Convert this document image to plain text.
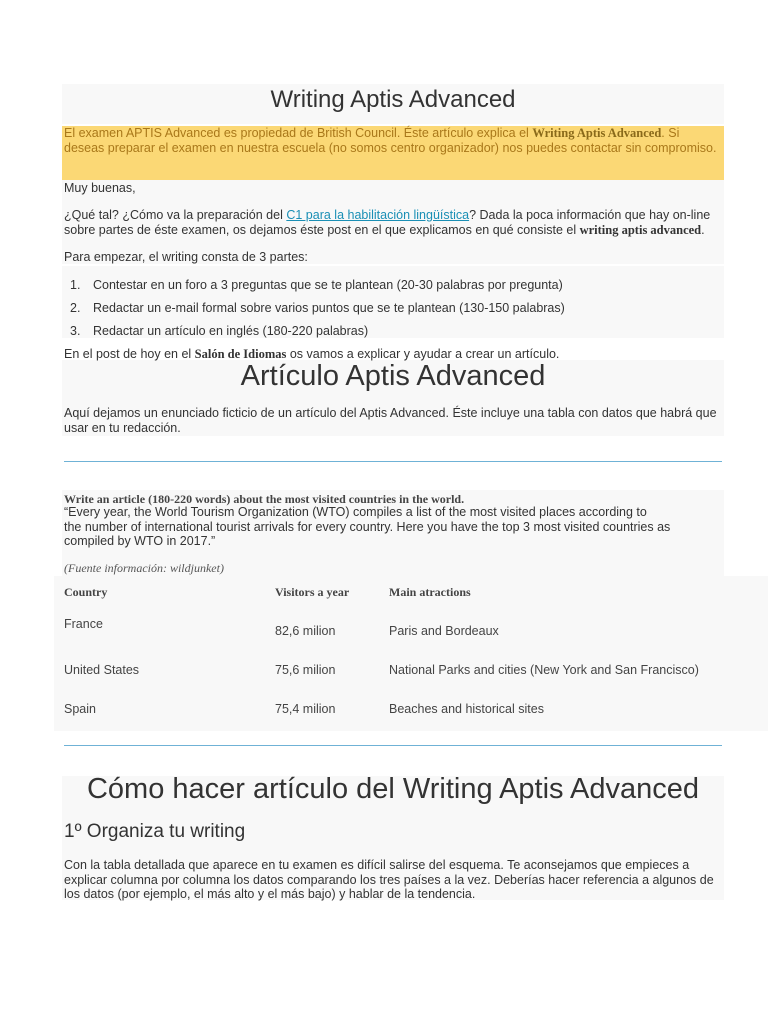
Writing Aptis Advanced
El examen APTIS Advanced es propiedad de British Council. Éste artículo explica el Writing Aptis Advanced. Si deseas preparar el examen en nuestra escuela (no somos centro organizador) nos puedes contactar sin compromiso.
Muy buenas,
¿Qué tal? ¿Cómo va la preparación del C1 para la habilitación lingüística? Dada la poca información que hay on-line sobre partes de éste examen, os dejamos éste post en el que explicamos en qué consiste el writing aptis advanced.
Para empezar, el writing consta de 3 partes:
1. Contestar en un foro a 3 preguntas que se te plantean (20-30 palabras por pregunta)
2. Redactar un e-mail formal sobre varios puntos que se te plantean (130-150 palabras)
3. Redactar un artículo en inglés (180-220 palabras)
En el post de hoy en el Salón de Idiomas os vamos a explicar y ayudar a crear un artículo.
Artículo Aptis Advanced
Aquí dejamos un enunciado ficticio de un artículo del Aptis Advanced. Éste incluye una tabla con datos que habrá que usar en tu redacción.
Write an article (180-220 words) about the most visited countries in the world.
“Every year, the World Tourism Organization (WTO) compiles a list of the most visited places according to
the number of international tourist arrivals for every country. Here you have the top 3 most visited countries as
compiled by WTO in 2017.”
(Fuente información: wildjunket)
Country	Visitors a year	Main atractions
France	82,6 milion	Paris and Bordeaux
United States	75,6 milion	National Parks and cities (New York and San Francisco)
Spain	75,4 milion	Beaches and historical sites
Cómo hacer artículo del Writing Aptis Advanced
1º Organiza tu writing
Con la tabla detallada que aparece en tu examen es difícil salirse del esquema. Te aconsejamos que empieces a explicar columna por columna los datos comparando los tres países a la vez. Deberías hacer referencia a algunos de los datos (por ejemplo, el más alto y el más bajo) y hablar de la tendencia.
